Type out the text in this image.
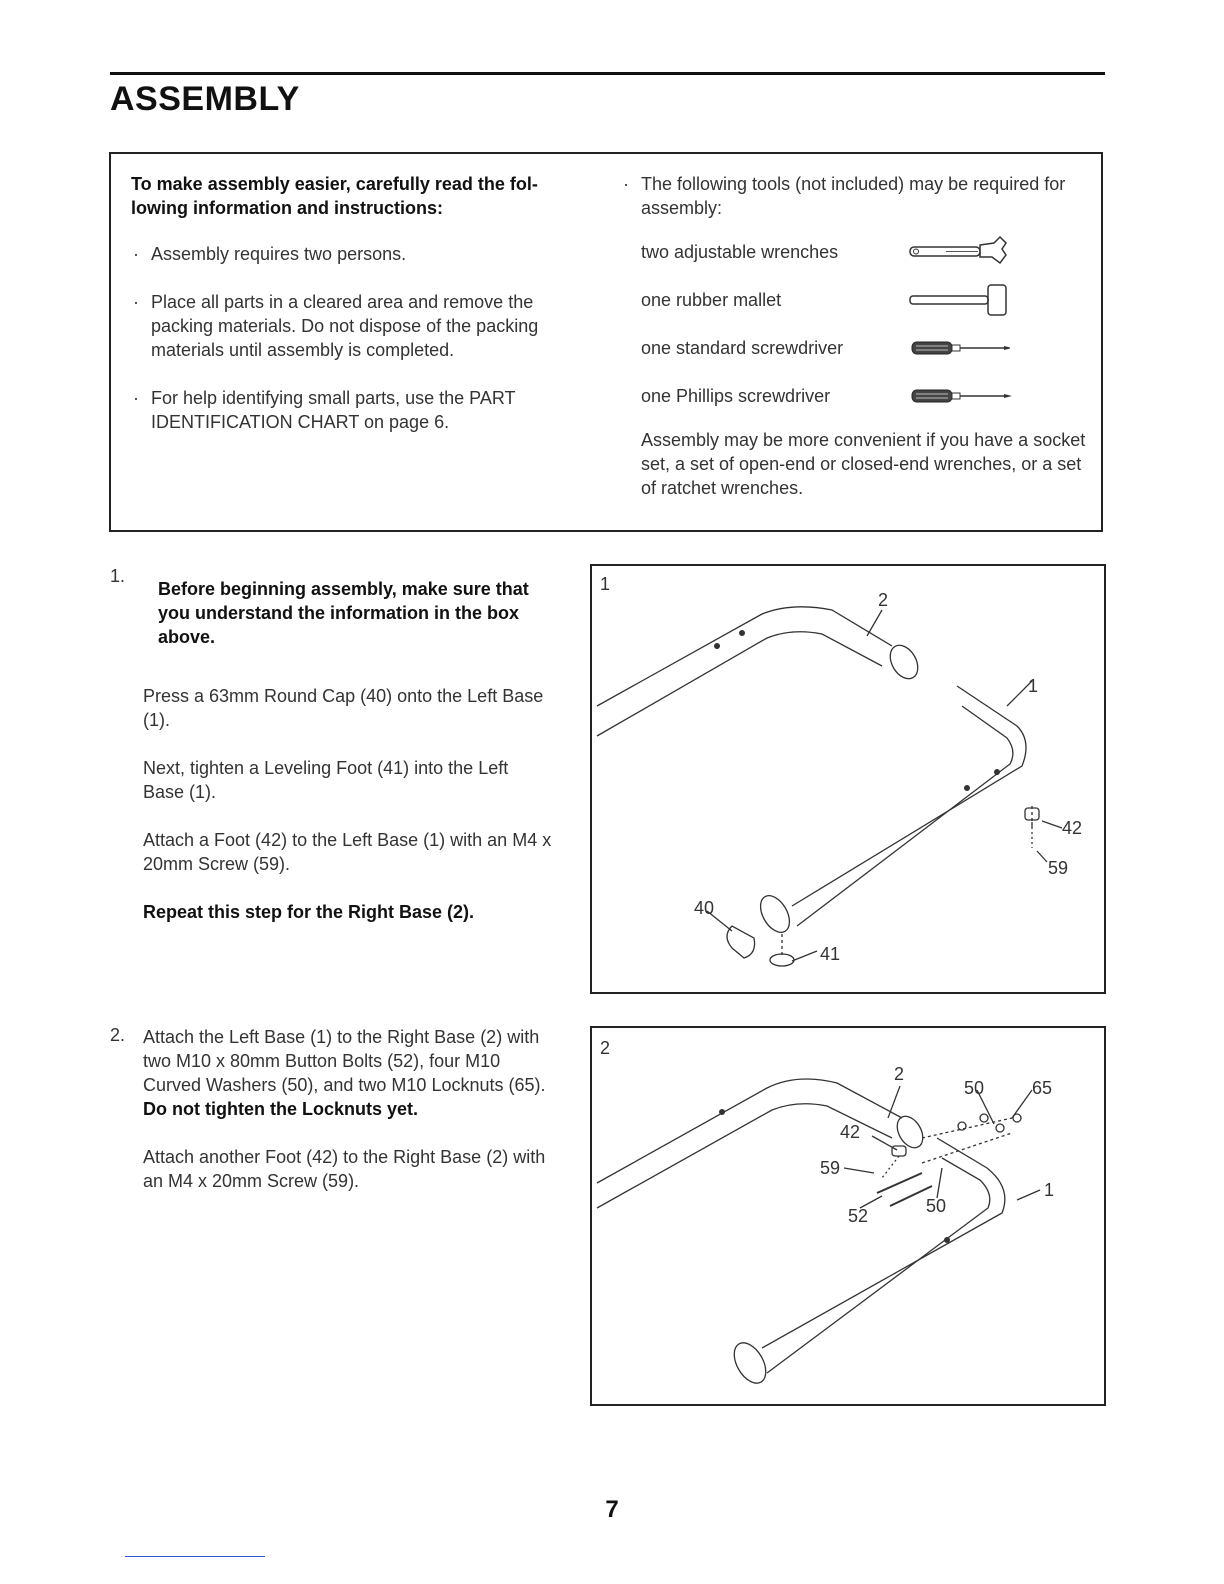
ASSEMBLY

To make assembly easier, carefully read the fol-
lowing information and instructions:

· Assembly requires two persons.
· Place all parts in a cleared area and remove the packing materials. Do not dispose of the packing materials until assembly is completed.
· For help identifying small parts, use the PART IDENTIFICATION CHART on page 6.
· The following tools (not included) may be required for assembly:
two adjustable wrenches
one rubber mallet
one standard screwdriver
one Phillips screwdriver

Assembly may be more convenient if you have a socket set, a set of open-end or closed-end wrenches, or a set of ratchet wrenches.

1.

Before beginning assembly, make sure that you understand the information in the box above.

Press a 63mm Round Cap (40) onto the Left Base (1).

Next, tighten a Leveling Foot (41) into the Left Base (1).

Attach a Foot (42) to the Left Base (1) with an M4 x 20mm Screw (59).

Repeat this step for the Right Base (2).

1
2
1
42
59
40
41
2. Attach the Left Base (1) to the Right Base (2) with two M10 x 80mm Button Bolts (52), four M10 Curved Washers (50), and two M10 Locknuts (65). Do not tighten the Locknuts yet.

Attach another Foot (42) to the Right Base (2) with an M4 x 20mm Screw (59).

2
2
50	65
42
59
1
52	50
7
